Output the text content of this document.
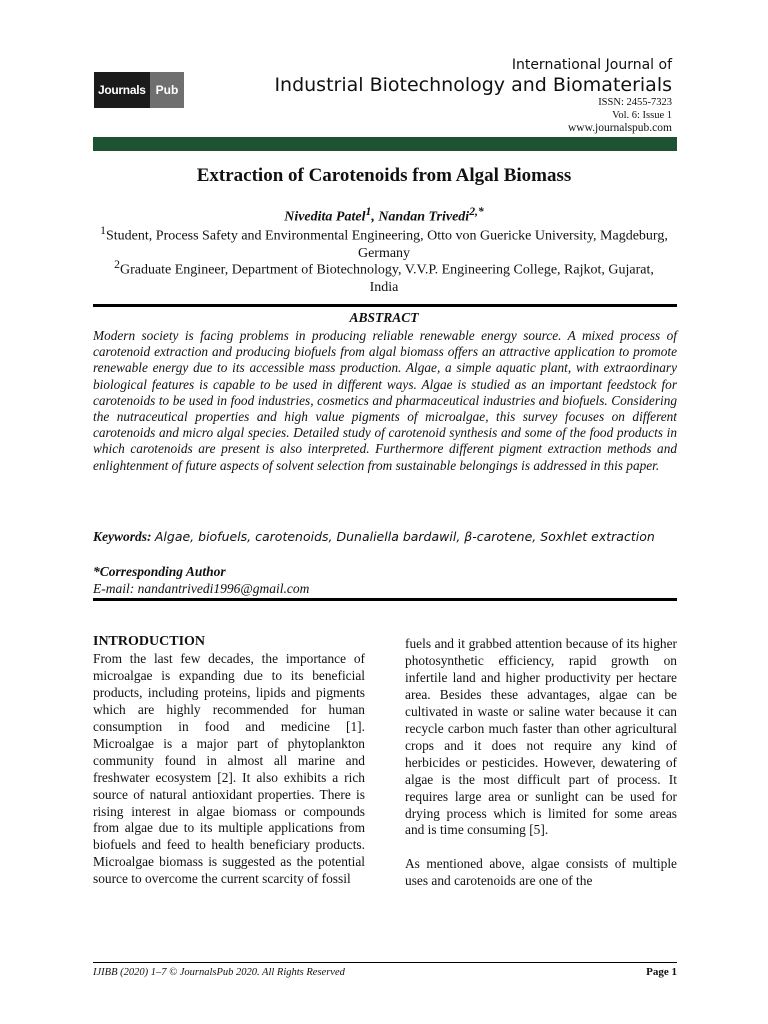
Journals Pub
International Journal of
Industrial Biotechnology and Biomaterials
ISSN: 2455-7323
Vol. 6: Issue 1
www.journalspub.com
Extraction of Carotenoids from Algal Biomass
Nivedita Patel$^1$, Nandan Trivedi$^{2,*}$
$^1$Student, Process Safety and Environmental Engineering, Otto von Guericke University, Magdeburg, Germany
$^2$Graduate Engineer, Department of Biotechnology, V.V.P. Engineering College, Rajkot, Gujarat, India
ABSTRACT
Modern society is facing problems in producing reliable renewable energy source. A mixed process of carotenoid extraction and producing biofuels from algal biomass offers an attractive application to promote renewable energy due to its accessible mass production. Algae, a simple aquatic plant, with extraordinary biological features is capable to be used in different ways. Algae is studied as an important feedstock for carotenoids to be used in food industries, cosmetics and pharmaceutical industries and biofuels. Considering the nutraceutical properties and high value pigments of microalgae, this survey focuses on different carotenoids and micro algal species. Detailed study of carotenoid synthesis and some of the food products in which carotenoids are present is also interpreted. Furthermore different pigment extraction methods and enlightenment of future aspects of solvent selection from sustainable belongings is addressed in this paper.
Keywords: Algae, biofuels, carotenoids, Dunaliella bardawil, β-carotene, Soxhlet extraction
*Corresponding Author
E-mail: nandantrivedi1996@gmail.com

INTRODUCTION

From the last few decades, the importance of microalgae is expanding due to its beneficial products, including proteins, lipids and pigments which are highly recommended for human consumption in food and medicine [1]. Microalgae is a major part of phytoplankton community found in almost all marine and freshwater ecosystem [2]. It also exhibits a rich source of natural antioxidant properties. There is rising interest in algae biomass or compounds from algae due to its multiple applications from biofuels and feed to health beneficiary products. Microalgae biomass is suggested as the potential source to overcome the current scarcity of fossil

fuels and it grabbed attention because of its higher photosynthetic efficiency, rapid growth on infertile land and higher productivity per hectare area. Besides these advantages, algae can be cultivated in waste or saline water because it can recycle carbon much faster than other agricultural crops and it does not require any kind of herbicides or pesticides. However, dewatering of algae is the most difficult part of process. It requires large area or sunlight can be used for drying process which is limited for some areas and is time consuming [5].

As mentioned above, algae consists of multiple uses and carotenoids are one of the

IJIBB (2020) 1–7 © JournalsPub 2020. All Rights Reserved	Page 1
